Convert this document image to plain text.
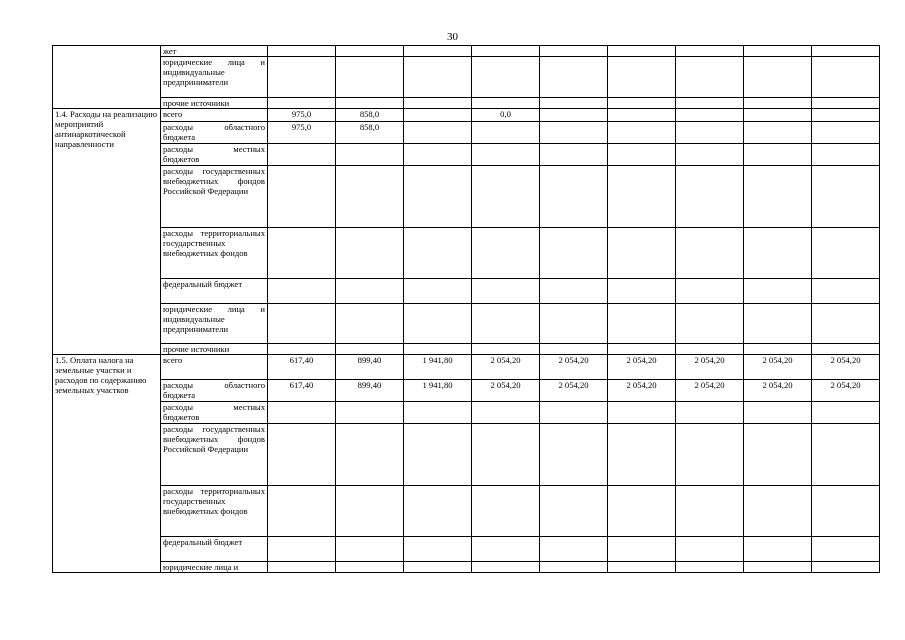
30
	жет									
	юридические лица и индивидуальные предприниматели									
	прочие источники									
1.4. Расходы на реализацию мероприятий антинаркотической направленности	всего	975,0	858,0		0,0					
	расходы областного бюджета	975,0	858,0							
	расходы местных бюджетов									
	расходы государственных внебюджетных фондов Российской Федерации									
	расходы территориальных государственных внебюджетных фондов									
	федеральный бюджет									
	юридические лица и индивидуальные предприниматели									
	прочие источники									
1.5. Оплата налога на земельные участки и расходов по содержанию земельных участков	всего	617,40	899,40	1 941,80	2 054,20	2 054,20	2 054,20	2 054,20	2 054,20	2 054,20
	расходы областного бюджета	617,40	899,40	1 941,80	2 054,20	2 054,20	2 054,20	2 054,20	2 054,20	2 054,20
	расходы местных бюджетов									
	расходы государственных внебюджетных фондов Российской Федерации									
	расходы территориальных государственных внебюджетных фондов									
	федеральный бюджет									
	юридические лица и									
